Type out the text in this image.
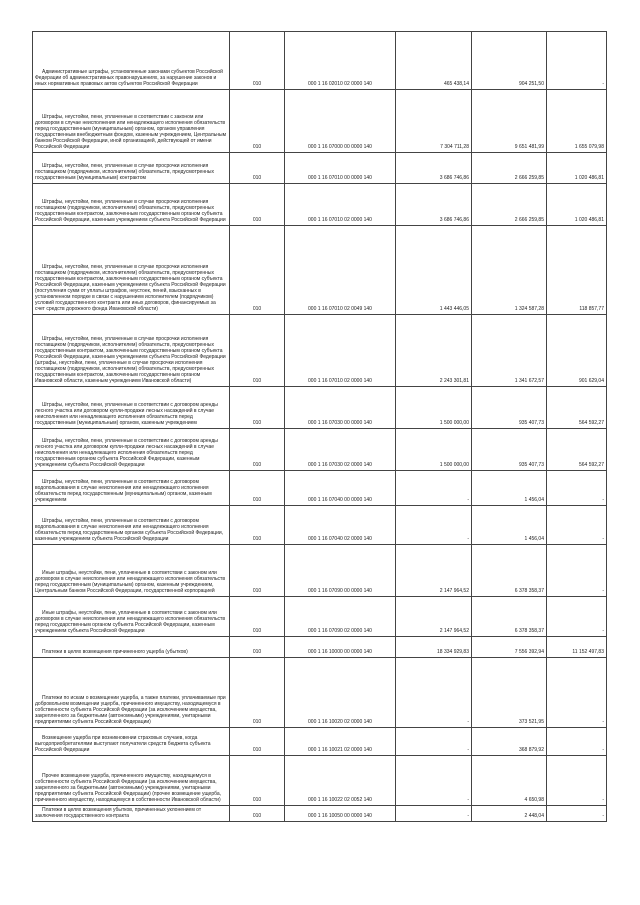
Административные штрафы, установленные законами субъектов Российской Федерации об административных правонарушениях, за нарушение законов и иных нормативных правовых актов субъектов Российской Федерации	010	000 1 16 02010 02 0000 140	465 438,14	904 251,50	-
Штрафы, неустойки, пени, уплаченные в соответствии с законом или договором в случае неисполнения или ненадлежащего исполнения обязательств перед государственным (муниципальным) органом, органом управления государственным внебюджетным фондом, казенным учреждением, Центральным банком Российской Федерации, иной организацией, действующей от имени Российской Федерации	010	000 1 16 07000 00 0000 140	7 304 711,28	9 651 481,99	1 655 079,98
Штрафы, неустойки, пени, уплаченные в случае просрочки исполнения поставщиком (подрядчиком, исполнителем) обязательств, предусмотренных государственным (муниципальным) контрактом	010	000 1 16 07010 00 0000 140	3 686 746,86	2 666 259,85	1 020 486,81
Штрафы, неустойки, пени, уплаченные в случае просрочки исполнения поставщиком (подрядчиком, исполнителем) обязательств, предусмотренных государственным контрактом, заключенным государственным органом субъекта Российской Федерации, казенным учреждением субъекта Российской Федерации	010	000 1 16 07010 02 0000 140	3 686 746,86	2 666 259,85	1 020 486,81
Штрафы, неустойки, пени, уплаченные в случае просрочки исполнения поставщиком (подрядчиком, исполнителем) обязательств, предусмотренных государственным контрактом, заключенным государственным органом субъекта Российской Федерации, казенным учреждением субъекта Российской Федерации (поступления сумм от уплаты штрафов, неустоек, пеней, взысканных в установленном порядке в связи с нарушением исполнителем (подрядчиком) условий государственного контракта или иных договоров, финансируемых за счет средств дорожного фонда Ивановской области)	010	000 1 16 07010 02 0049 140	1 443 446,05	1 324 587,28	118 857,77
Штрафы, неустойки, пени, уплаченные в случае просрочки исполнения поставщиком (подрядчиком, исполнителем) обязательств, предусмотренных государственным контрактом, заключенным государственным органом субъекта Российской Федерации, казенным учреждением субъекта Российской Федерации (штрафы, неустойки, пени, уплаченные в случае просрочки исполнения поставщиком (подрядчиком, исполнителем) обязательств, предусмотренных государственным контрактом, заключенным государственным органом Ивановской области, казенным учреждением Ивановской области)	010	000 1 16 07010 02 0000 140	2 243 301,81	1 341 672,57	901 629,04
Штрафы, неустойки, пени, уплаченные в соответствии с договором аренды лесного участка или договором купли-продажи лесных насаждений в случае неисполнения или ненадлежащего исполнения обязательств перед государственным (муниципальным) органом, казенным учреждением	010	000 1 16 07030 00 0000 140	1 500 000,00	935 407,73	564 592,27
Штрафы, неустойки, пени, уплаченные в соответствии с договором аренды лесного участка или договором купли-продажи лесных насаждений в случае неисполнения или ненадлежащего исполнения обязательств перед государственным органом субъекта Российской Федерации, казенным учреждением субъекта Российской Федерации	010	000 1 16 07030 02 0000 140	1 500 000,00	935 407,73	564 592,27
Штрафы, неустойки, пени, уплаченные в соответствии с договором водопользования в случае неисполнения или ненадлежащего исполнения обязательств перед государственным (муниципальным) органом, казенным учреждением	010	000 1 16 07040 00 0000 140	-	1 456,04	-
Штрафы, неустойки, пени, уплаченные в соответствии с договором водопользования в случае неисполнения или ненадлежащего исполнения обязательств перед государственным органом субъекта Российской Федерации, казенным учреждением субъекта Российской Федерации	010	000 1 16 07040 02 0000 140	-	1 456,04	-
Иные штрафы, неустойки, пени, уплаченные в соответствии с законом или договором в случае неисполнения или ненадлежащего исполнения обязательств перед государственным (муниципальным) органом, казенным учреждением, Центральным банком Российской Федерации, государственной корпорацией	010	000 1 16 07090 00 0000 140	2 147 964,52	6 378 358,37	-
Иные штрафы, неустойки, пени, уплаченные в соответствии с законом или договором в случае неисполнения или ненадлежащего исполнения обязательств перед государственным органом субъекта Российской Федерации, казенным учреждением субъекта Российской Федерации	010	000 1 16 07090 02 0000 140	2 147 964,52	6 378 358,37	-
Платежи в целях возмещения причиненного ущерба (убытков)	010	000 1 16 10000 00 0000 140	18 334 929,83	7 556 392,94	11 152 497,83
Платежи по искам о возмещении ущерба, а также платежи, уплачиваемые при добровольном возмещении ущерба, причиненного имуществу, находящемуся в собственности субъекта Российской Федерации (за исключением имущества, закрепленного за бюджетными (автономными) учреждениями, унитарными предприятиями субъекта Российской Федерации)	010	000 1 16 10020 02 0000 140	-	373 521,95	-
Возмещение ущерба при возникновении страховых случаев, когда выгодоприобретателями выступают получатели средств бюджета субъекта Российской Федерации	010	000 1 16 10021 02 0000 140	-	368 879,92	-
Прочее возмещение ущерба, причиненного имуществу, находящемуся в собственности субъекта Российской Федерации (за исключением имущества, закрепленного за бюджетными (автономными) учреждениями, унитарными предприятиями субъекта Российской Федерации) (прочее возмещение ущерба, причиненного имуществу, находящемуся в собственности Ивановской области)	010	000 1 16 10022 02 0052 140	-	4 650,98	-
Платежи в целях возмещения убытков, причиненных уклонением от заключения государственного контракта	010	000 1 16 10050 00 0000 140	-	2 448,04	-
